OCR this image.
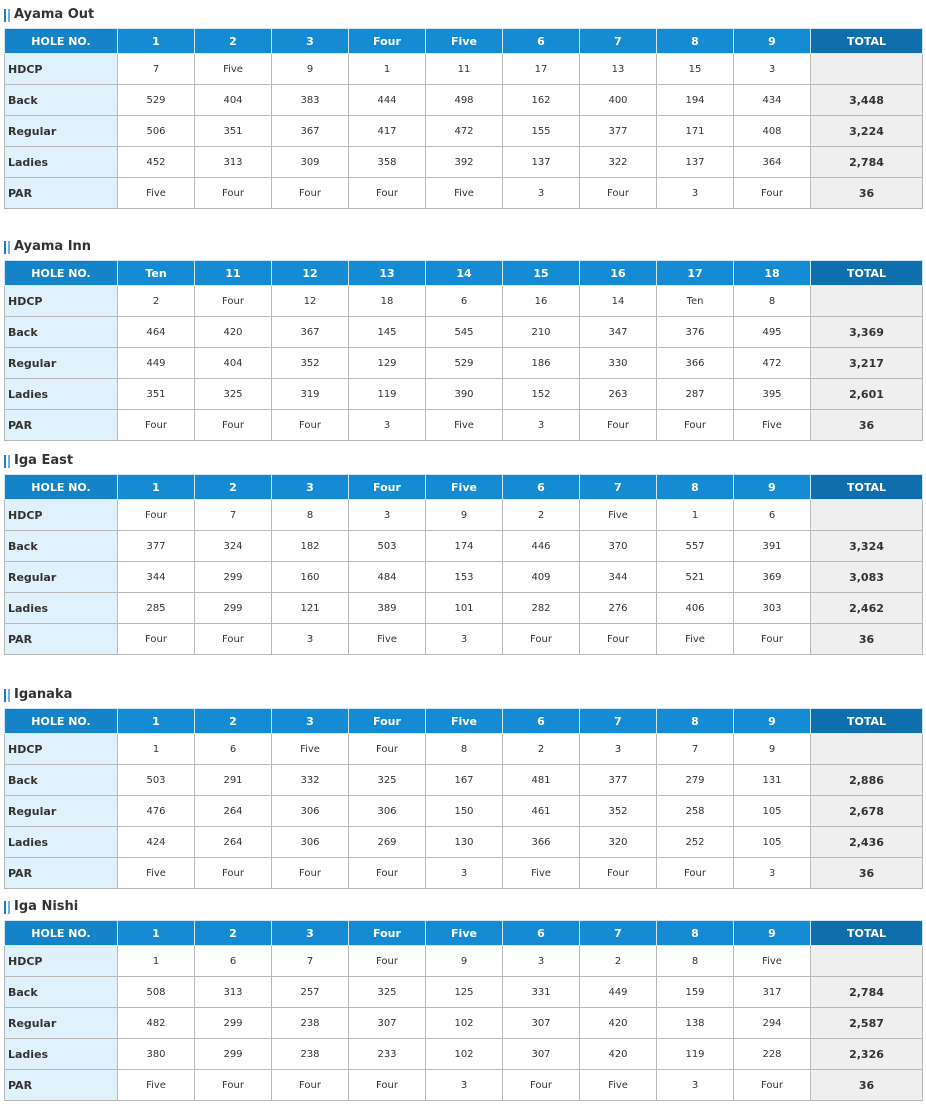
Ayama Out
HOLE NO.	1	2	3	Four	Five	6	7	8	9	TOTAL
HDCP	7	Five	9	1	11	17	13	15	3	
Back	529	404	383	444	498	162	400	194	434	3,448
Regular	506	351	367	417	472	155	377	171	408	3,224
Ladies	452	313	309	358	392	137	322	137	364	2,784
PAR	Five	Four	Four	Four	Five	3	Four	3	Four	36
Ayama Inn
HOLE NO.	Ten	11	12	13	14	15	16	17	18	TOTAL
HDCP	2	Four	12	18	6	16	14	Ten	8	
Back	464	420	367	145	545	210	347	376	495	3,369
Regular	449	404	352	129	529	186	330	366	472	3,217
Ladies	351	325	319	119	390	152	263	287	395	2,601
PAR	Four	Four	Four	3	Five	3	Four	Four	Five	36
Iga East
HOLE NO.	1	2	3	Four	Five	6	7	8	9	TOTAL
HDCP	Four	7	8	3	9	2	Five	1	6	
Back	377	324	182	503	174	446	370	557	391	3,324
Regular	344	299	160	484	153	409	344	521	369	3,083
Ladies	285	299	121	389	101	282	276	406	303	2,462
PAR	Four	Four	3	Five	3	Four	Four	Five	Four	36
Iganaka
HOLE NO.	1	2	3	Four	Five	6	7	8	9	TOTAL
HDCP	1	6	Five	Four	8	2	3	7	9	
Back	503	291	332	325	167	481	377	279	131	2,886
Regular	476	264	306	306	150	461	352	258	105	2,678
Ladies	424	264	306	269	130	366	320	252	105	2,436
PAR	Five	Four	Four	Four	3	Five	Four	Four	3	36
Iga Nishi
HOLE NO.	1	2	3	Four	Five	6	7	8	9	TOTAL
HDCP	1	6	7	Four	9	3	2	8	Five	
Back	508	313	257	325	125	331	449	159	317	2,784
Regular	482	299	238	307	102	307	420	138	294	2,587
Ladies	380	299	238	233	102	307	420	119	228	2,326
PAR	Five	Four	Four	Four	3	Four	Five	3	Four	36
